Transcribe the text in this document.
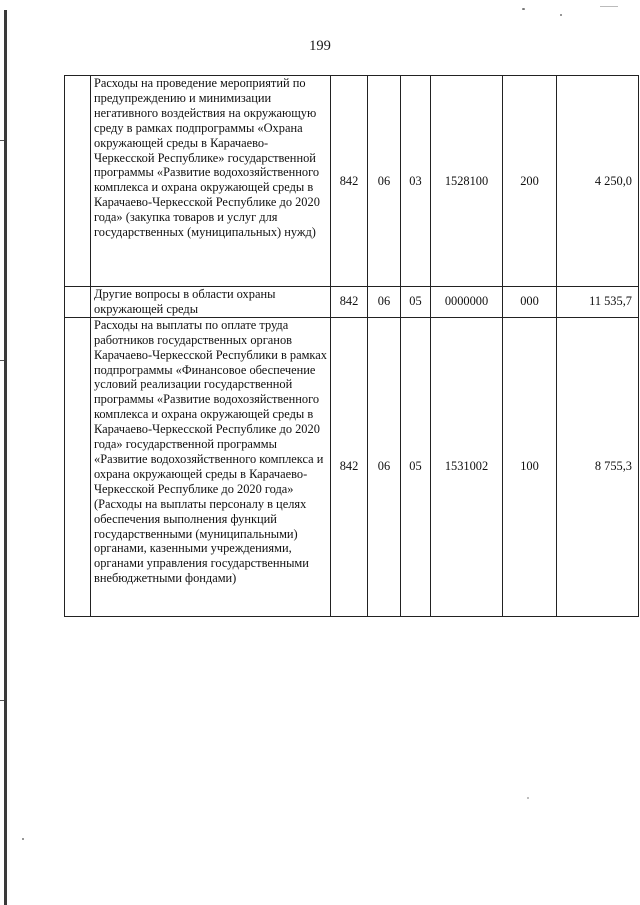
199
	Расходы на проведение мероприятий по предупреждению и минимизации негативного воздействия на окружающую среду в рамках подпрограммы «Охрана окружающей среды в Карачаево-Черкесской Республике» государственной программы «Развитие водохозяйственного комплекса и охрана окружающей среды в Карачаево-Черкесской Республике до 2020 года» (закупка товаров и услуг для государственных (муниципальных) нужд)	842	06	03	1528100	200	4 250,0
	Другие вопросы в области охраны окружающей среды	842	06	05	0000000	000	11 535,7
	Расходы на выплаты по оплате труда работников государственных органов Карачаево-Черкесской Республики в рамках подпрограммы «Финансовое обеспечение условий реализации государственной программы «Развитие водохозяйственного комплекса и охрана окружающей среды в Карачаево-Черкесской Республике до 2020 года» государственной программы «Развитие водохозяйственного комплекса и охрана окружающей среды в Карачаево-Черкесской Республике до 2020 года» (Расходы на выплаты персоналу в целях обеспечения выполнения функций государственными (муниципальными) органами, казенными учреждениями, органами управления государственными внебюджетными фондами)	842	06	05	1531002	100	8 755,3
